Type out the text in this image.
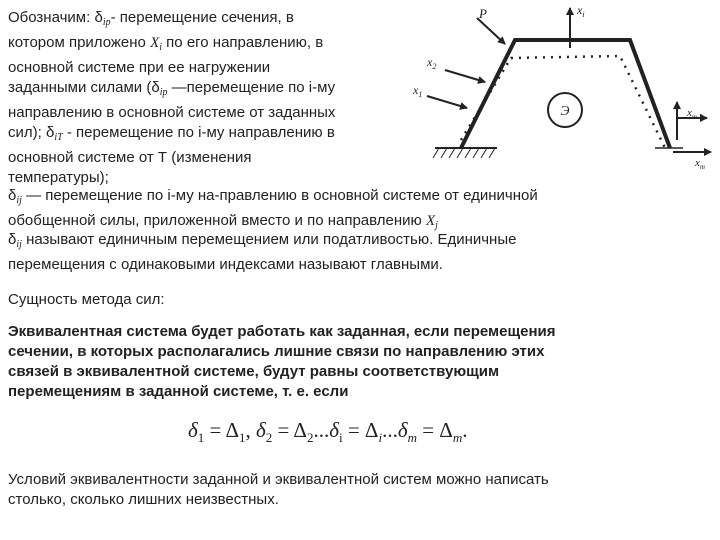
Обозначим: $\delta_{ip}-$ перемещение сечения, в
котором приложено $X_i$ по его направлению, в
основной системе при ее нагружении
заданными силами ($\delta_{ip}$ —перемещение по i-му
направлению в основной системе от заданных
сил); $\delta_{iT}$ - перемещение по i-му направлению в
основной системе от Т (изменения
температуры);
P	$x_i$
$x_2$
$x_1$
Э	$x_{m-1}$
$x_m$
$\delta_{ij}$ — перемещение по i-му на-правлению в основной системе от единичной
обобщенной силы, приложенной вместо и по направлению $X_j$
$\delta_{ij}$ называют единичным перемещением или податливостью. Единичные
перемещения с одинаковыми индексами называют главными.
Сущность метода сил:
Эквивалентная система будет работать как заданная, если перемещения
сечении, в которых располагались лишние связи по направлению этих
связей в эквивалентной системе, будут равны соответствующим
перемещениям в заданной системе, т. е. если
$\delta_1 = \Delta_1$, $\delta_2 = \Delta_2...\delta_i = \Delta_i...\delta_m = \Delta_m$.
Условий эквивалентности заданной и эквивалентной систем можно написать
столько, сколько лишних неизвестных.
